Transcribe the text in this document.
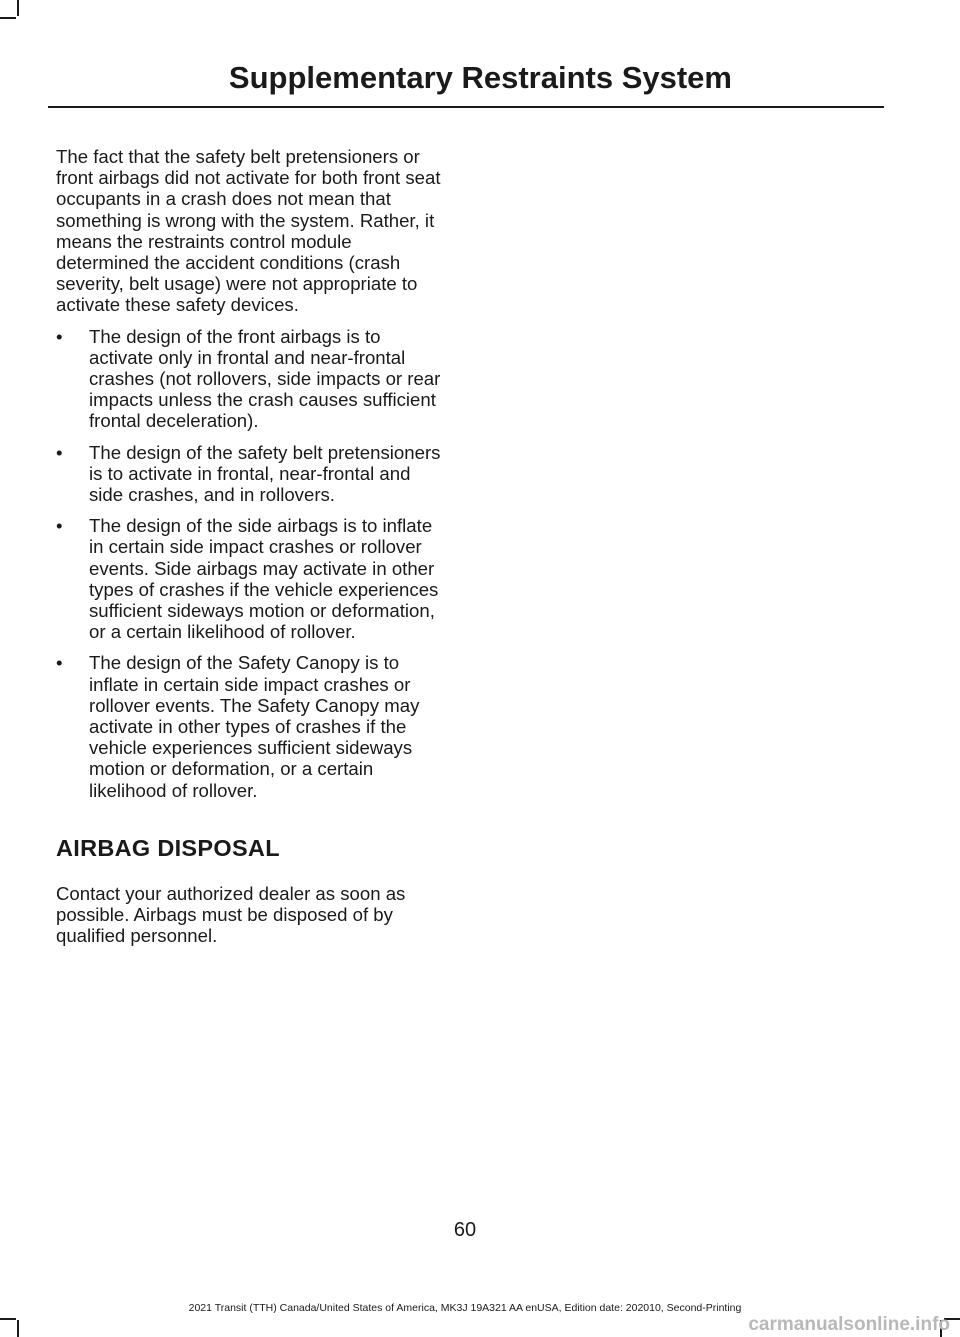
Supplementary Restraints System

The fact that the safety belt pretensioners or front airbags did not activate for both front seat occupants in a crash does not mean that something is wrong with the system. Rather, it means the restraints control module determined the accident conditions (crash severity, belt usage) were not appropriate to activate these safety devices.

• The design of the front airbags is to activate only in frontal and near-frontal crashes (not rollovers, side impacts or rear impacts unless the crash causes sufficient frontal deceleration).
• The design of the safety belt pretensioners is to activate in frontal, near-frontal and side crashes, and in rollovers.
• The design of the side airbags is to inflate in certain side impact crashes or rollover events. Side airbags may activate in other types of crashes if the vehicle experiences sufficient sideways motion or deformation, or a certain likelihood of rollover.
• The design of the Safety Canopy is to inflate in certain side impact crashes or rollover events. The Safety Canopy may activate in other types of crashes if the vehicle experiences sufficient sideways motion or deformation, or a certain likelihood of rollover.
AIRBAG DISPOSAL

Contact your authorized dealer as soon as possible. Airbags must be disposed of by qualified personnel.

60
2021 Transit (TTH) Canada/United States of America, MK3J 19A321 AA enUSA, Edition date: 202010, Second-Printing
carmanualsonline.info
